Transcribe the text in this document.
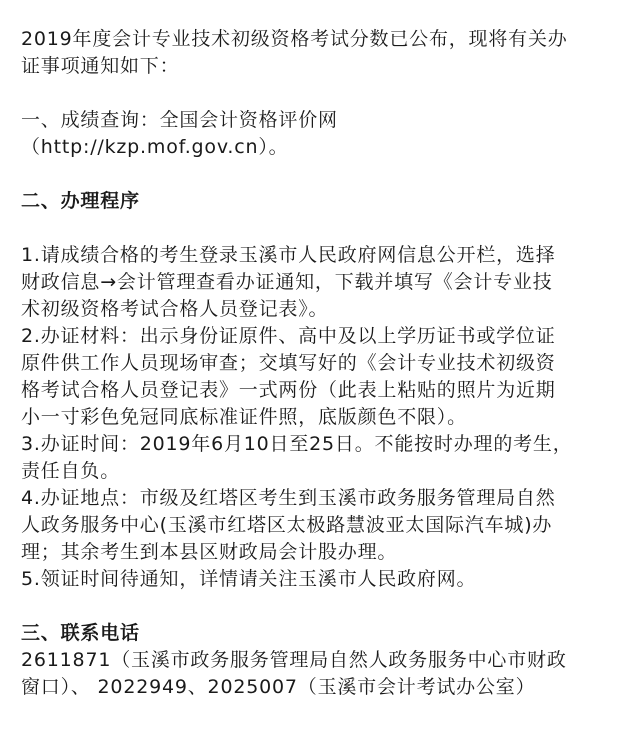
2019年度会计专业技术初级资格考试分数已公布，现将有关办

证事项通知如下：

一、成绩查询：全国会计资格评价网

（http://kzp.mof.gov.cn）。

二、办理程序

1.请成绩合格的考生登录玉溪市人民政府网信息公开栏，选择

财政信息→会计管理查看办证通知，下载并填写《会计专业技

术初级资格考试合格人员登记表》。

2.办证材料：出示身份证原件、高中及以上学历证书或学位证

原件供工作人员现场审查；交填写好的《会计专业技术初级资

格考试合格人员登记表》一式两份（此表上粘贴的照片为近期

小一寸彩色免冠同底标准证件照，底版颜色不限）。

3.办证时间：2019年6月10日至25日。不能按时办理的考生，

责任自负。

4.办证地点：市级及红塔区考生到玉溪市政务服务管理局自然

人政务服务中心(玉溪市红塔区太极路慧波亚太国际汽车城)办

理；其余考生到本县区财政局会计股办理。

5.领证时间待通知，详情请关注玉溪市人民政府网。

三、联系电话

2611871（玉溪市政务服务管理局自然人政务服务中心市财政

窗口）、 2022949、2025007（玉溪市会计考试办公室）
